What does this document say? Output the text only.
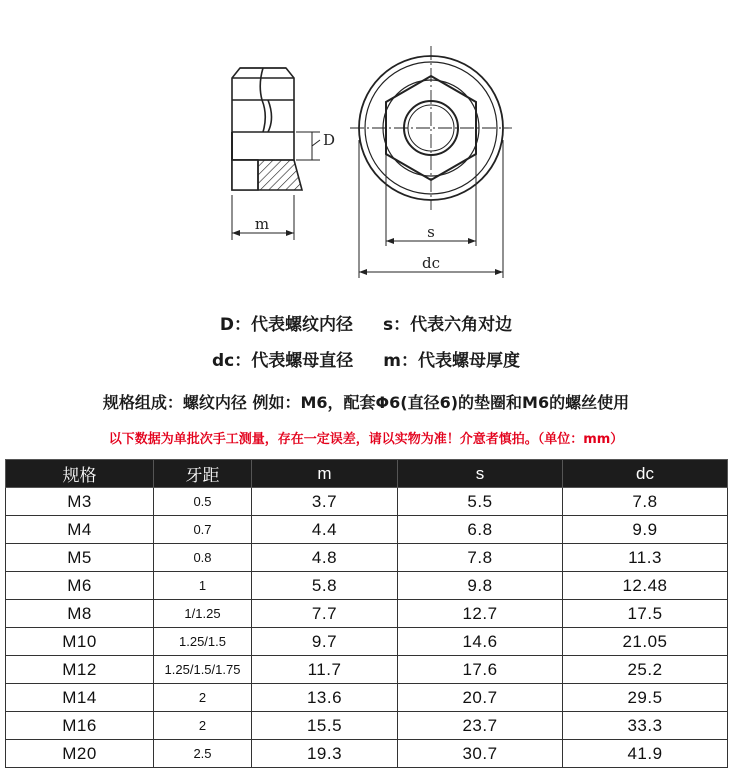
m
D
s
dc
D：代表螺纹内径 s：代表六角对边
dc：代表螺母直径 m：代表螺母厚度
规格组成：螺纹内径 例如：M6，配套Φ6(直径6)的垫圈和M6的螺丝使用
以下数据为单批次手工测量，存在一定误差，请以实物为准！介意者慎拍。（单位：mm）
规格	牙距	m	s	dc
M3	0.5	3.7	5.5	7.8
M4	0.7	4.4	6.8	9.9
M5	0.8	4.8	7.8	11.3
M6	1	5.8	9.8	12.48
M8	1/1.25	7.7	12.7	17.5
M10	1.25/1.5	9.7	14.6	21.05
M12	1.25/1.5/1.75	11.7	17.6	25.2
M14	2	13.6	20.7	29.5
M16	2	15.5	23.7	33.3
M20	2.5	19.3	30.7	41.9
